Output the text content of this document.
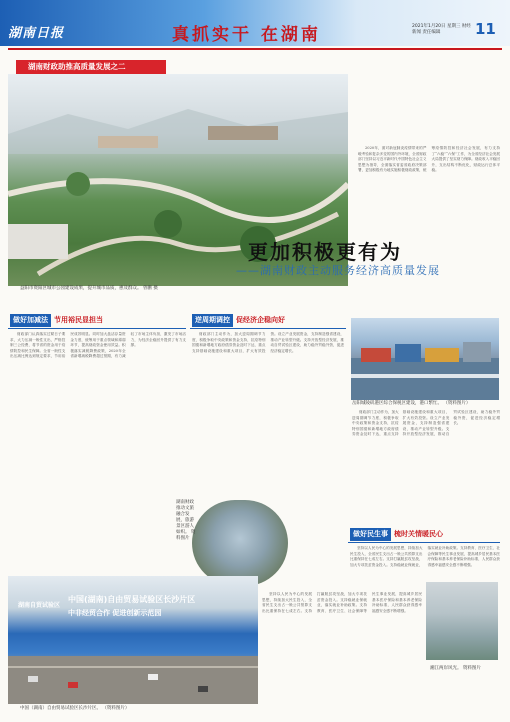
湖南日报	真抓实干 在湖南	2021年1月20日 星期三 财经新闻 责任编辑	11
湖南财政助推高质量发展之二
益阳市资阳区城市公园建设成果，提升城市品质，惠及群众。 曾鹏 摄
2020年，面对新冠肺炎疫情带来的严峻考验和复杂多变的国内外环境，全省财政部门坚持以习近平新时代中国特色社会主义思想为指导，全面落实省委省政府决策部署，更加积极有为地实施积极财政政策，统筹疫情防控和经济社会发展，有力支持了“六稳”“六保”工作，为全省经济社会发展大局提供了坚实财力保障。财政收入平稳回升，支出结构不断优化，财政运行总体平稳。
更加积极更有为
——湖南财政主动服务经济高质量发展
做好加减法 节用裕民显担当
财政部门认真落实过紧日子要求，大力压减一般性支出，严格控制三公经费，将节省的资金用于疫情防控和民生保障。全省一般性支出压减比例达到规定要求，节用裕民成效明显。同时加大盘活存量资金力度，统筹用于重点领域和薄弱环节，提高财政资金使用效益。积极落实减税降费政策，2020年全省新增减税降费超过预期，有力减轻了市场主体负担，激发了市场活力，为经济企稳回升提供了有力支撑。
逆周期调控 促经济企稳向好
财政部门主动作为，加大逆周期调节力度，积极争取中央政策和资金支持，抗疫特别国债和新增地方政府债券资金及时下达，重点支持基础设施建设和重大项目，扩大有效投资。设立产业发展资金，支持制造强省建设，推动产业转型升级。支持开放型经济发展，推动自贸试验区建设，助力稳外贸稳外资，促进经济稳定增长。
岳阳城陵矶港区综合保税区建设，港口繁忙。 （资料图片）
财政部门主动作为，加大逆周期调节力度，积极争取中央政策和资金支持，抗疫特别国债和新增地方政府债券资金及时下达，重点支持基础设施建设和重大项目，扩大有效投资。设立产业发展资金，支持制造强省建设，推动产业转型升级。支持开放型经济发展，推动自贸试验区建设，助力稳外贸稳外资，促进经济稳定增长。
湖南财政推动文旅融合发展，旅游景区游人如织。 资料图片
做好民生事 梳时关情暖民心
坚持以人民为中心的发展思想，持续加大民生投入，全省民生支出占一般公共预算支出比重保持在七成左右。支持打赢脱贫攻坚战，加大专项扶贫资金投入。支持稳就业保就业，落实就业补助政策。支持教育、医疗卫生、社会保障等民生事业发展，提高城乡居民基本医疗保险和基本养老保险补助标准，人民群众获得感幸福感安全感不断增强。
坚持以人民为中心的发展思想，持续加大民生投入，全省民生支出占一般公共预算支出比重保持在七成左右。支持打赢脱贫攻坚战，加大专项扶贫资金投入。支持稳就业保就业，落实就业补助政策。支持教育、医疗卫生、社会保障等民生事业发展，提高城乡居民基本医疗保险和基本养老保险补助标准，人民群众获得感幸福感安全感不断增强。
湖南自贸试验区
中国(湖南)自由贸易试验区长沙片区
中非经贸合作 促进创新示范园
中国（湖南）自由贸易试验区长沙片区。 （资料图片）
湘江两岸风光。 资料图片
